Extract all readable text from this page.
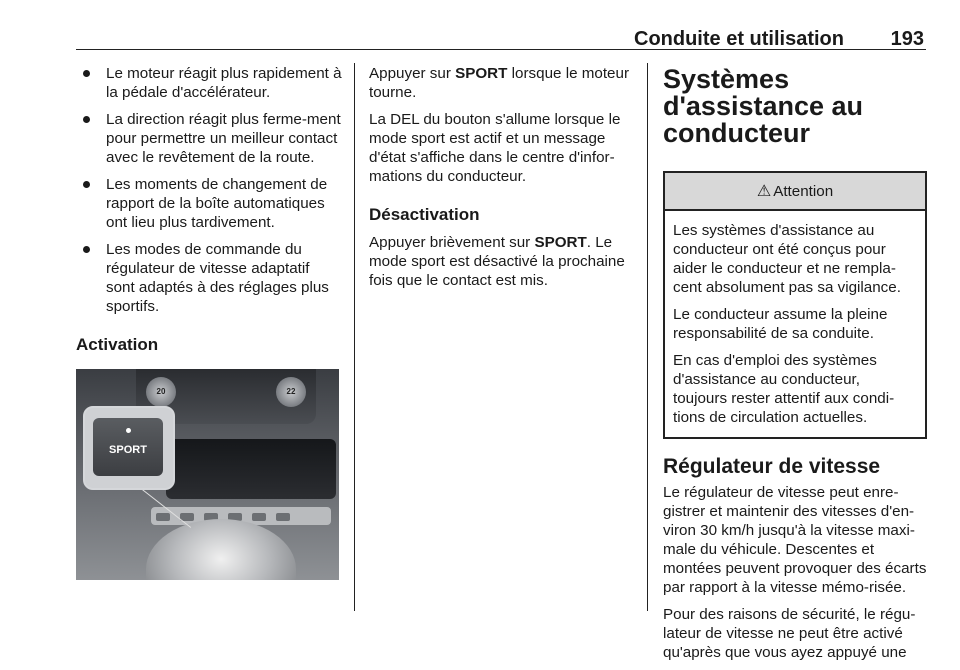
Conduite et utilisation 193
Le moteur réagit plus rapidement à la pédale d'accélérateur.
La direction réagit plus ferme-ment pour permettre un meilleur contact avec le revêtement de la route.
Les moments de changement de rapport de la boîte automatiques ont lieu plus tardivement.
Les modes de commande du régulateur de vitesse adaptatif sont adaptés à des réglages plus sportifs.
Activation
20	22
SPORT

Appuyer sur SPORT lorsque le moteur tourne.

La DEL du bouton s'allume lorsque le mode sport est actif et un message d'état s'affiche dans le centre d'infor-mations du conducteur.

Désactivation

Appuyer brièvement sur SPORT. Le mode sport est désactivé la prochaine fois que le contact est mis.

Systèmes d'assistance au conducteur
⚠ Attention

Les systèmes d'assistance au conducteur ont été conçus pour aider le conducteur et ne rempla-cent absolument pas sa vigilance.

Le conducteur assume la pleine responsabilité de sa conduite.

En cas d'emploi des systèmes d'assistance au conducteur, toujours rester attentif aux condi-tions de circulation actuelles.

Régulateur de vitesse

Le régulateur de vitesse peut enre-gistrer et maintenir des vitesses d'en-viron 30 km/h jusqu'à la vitesse maxi-male du véhicule. Descentes et montées peuvent provoquer des écarts par rapport à la vitesse mémo-risée.

Pour des raisons de sécurité, le régu-lateur de vitesse ne peut être activé qu'après que vous ayez appuyé une
